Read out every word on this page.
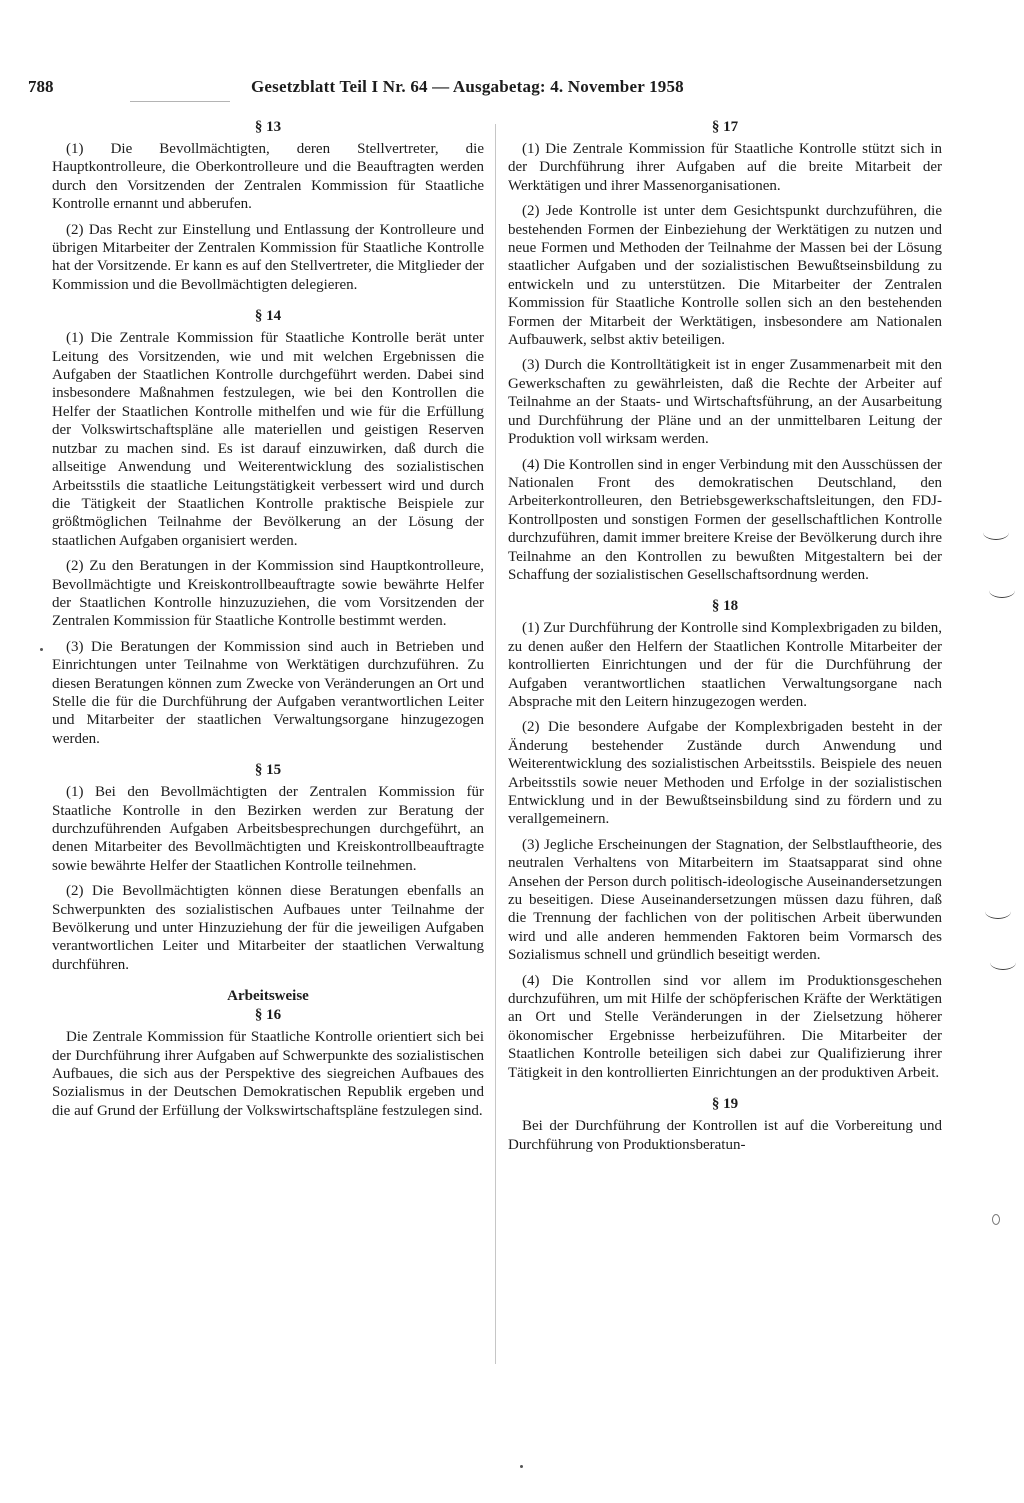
788	Gesetzblatt Teil I Nr. 64 — Ausgabetag: 4. November 1958
§ 13

(1) Die Bevollmächtigten, deren Stellvertreter, die Hauptkontrolleure, die Oberkontrolleure und die Beauftragten werden durch den Vorsitzenden der Zentralen Kommission für Staatliche Kontrolle ernannt und abberufen.

(2) Das Recht zur Einstellung und Entlassung der Kontrolleure und übrigen Mitarbeiter der Zentralen Kommission für Staatliche Kontrolle hat der Vorsitzende. Er kann es auf den Stellvertreter, die Mitglieder der Kommission und die Bevollmächtigten delegieren.

§ 14

(1) Die Zentrale Kommission für Staatliche Kontrolle berät unter Leitung des Vorsitzenden, wie und mit welchen Ergebnissen die Aufgaben der Staatlichen Kontrolle durchgeführt werden. Dabei sind insbesondere Maßnahmen festzulegen, wie bei den Kontrollen die Helfer der Staatlichen Kontrolle mithelfen und wie für die Erfüllung der Volkswirtschaftspläne alle materiellen und geistigen Reserven nutzbar zu machen sind. Es ist darauf einzuwirken, daß durch die allseitige Anwendung und Weiterentwicklung des sozialistischen Arbeitsstils die staatliche Leitungstätigkeit verbessert wird und durch die Tätigkeit der Staatlichen Kontrolle praktische Beispiele zur größtmöglichen Teilnahme der Bevölkerung an der Lösung der staatlichen Aufgaben organisiert werden.

(2) Zu den Beratungen in der Kommission sind Hauptkontrolleure, Bevollmächtigte und Kreiskontrollbeauftragte sowie bewährte Helfer der Staatlichen Kontrolle hinzuzuziehen, die vom Vorsitzenden der Zentralen Kommission für Staatliche Kontrolle bestimmt werden.

(3) Die Beratungen der Kommission sind auch in Betrieben und Einrichtungen unter Teilnahme von Werktätigen durchzuführen. Zu diesen Beratungen können zum Zwecke von Veränderungen an Ort und Stelle die für die Durchführung der Aufgaben verantwortlichen Leiter und Mitarbeiter der staatlichen Verwaltungsorgane hinzugezogen werden.

§ 15

(1) Bei den Bevollmächtigten der Zentralen Kommission für Staatliche Kontrolle in den Bezirken werden zur Beratung der durchzuführenden Aufgaben Arbeitsbesprechungen durchgeführt, an denen Mitarbeiter des Bevollmächtigten und Kreiskontrollbeauftragte sowie bewährte Helfer der Staatlichen Kontrolle teilnehmen.

(2) Die Bevollmächtigten können diese Beratungen ebenfalls an Schwerpunkten des sozialistischen Aufbaues unter Teilnahme der Bevölkerung und unter Hinzuziehung der für die jeweiligen Aufgaben verantwortlichen Leiter und Mitarbeiter der staatlichen Verwaltung durchführen.

Arbeitsweise
§ 16

Die Zentrale Kommission für Staatliche Kontrolle orientiert sich bei der Durchführung ihrer Aufgaben auf Schwerpunkte des sozialistischen Aufbaues, die sich aus der Perspektive des siegreichen Aufbaues des Sozialismus in der Deutschen Demokratischen Republik ergeben und die auf Grund der Erfüllung der Volkswirtschaftspläne festzulegen sind.

§ 17

(1) Die Zentrale Kommission für Staatliche Kontrolle stützt sich in der Durchführung ihrer Aufgaben auf die breite Mitarbeit der Werktätigen und ihrer Massenorganisationen.

(2) Jede Kontrolle ist unter dem Gesichtspunkt durchzuführen, die bestehenden Formen der Einbeziehung der Werktätigen zu nutzen und neue Formen und Methoden der Teilnahme der Massen bei der Lösung staatlicher Aufgaben und der sozialistischen Bewußtseinsbildung zu entwickeln und zu unterstützen. Die Mitarbeiter der Zentralen Kommission für Staatliche Kontrolle sollen sich an den bestehenden Formen der Mitarbeit der Werktätigen, insbesondere am Nationalen Aufbauwerk, selbst aktiv beteiligen.

(3) Durch die Kontrolltätigkeit ist in enger Zusammenarbeit mit den Gewerkschaften zu gewährleisten, daß die Rechte der Arbeiter auf Teilnahme an der Staats- und Wirtschaftsführung, an der Ausarbeitung und Durchführung der Pläne und an der unmittelbaren Leitung der Produktion voll wirksam werden.

(4) Die Kontrollen sind in enger Verbindung mit den Ausschüssen der Nationalen Front des demokratischen Deutschland, den Arbeiterkontrolleuren, den Betriebsgewerkschaftsleitungen, den FDJ-Kontrollposten und sonstigen Formen der gesellschaftlichen Kontrolle durchzuführen, damit immer breitere Kreise der Bevölkerung durch ihre Teilnahme an den Kontrollen zu bewußten Mitgestaltern bei der Schaffung der sozialistischen Gesellschaftsordnung werden.

§ 18

(1) Zur Durchführung der Kontrolle sind Komplexbrigaden zu bilden, zu denen außer den Helfern der Staatlichen Kontrolle Mitarbeiter der kontrollierten Einrichtungen und der für die Durchführung der Aufgaben verantwortlichen staatlichen Verwaltungsorgane nach Absprache mit den Leitern hinzugezogen werden.

(2) Die besondere Aufgabe der Komplexbrigaden besteht in der Änderung bestehender Zustände durch Anwendung und Weiterentwicklung des sozialistischen Arbeitsstils. Beispiele des neuen Arbeitsstils sowie neuer Methoden und Erfolge in der sozialistischen Entwicklung und in der Bewußtseinsbildung sind zu fördern und zu verallgemeinern.

(3) Jegliche Erscheinungen der Stagnation, der Selbstlauftheorie, des neutralen Verhaltens von Mitarbeitern im Staatsapparat sind ohne Ansehen der Person durch politisch-ideologische Auseinandersetzungen zu beseitigen. Diese Auseinandersetzungen müssen dazu führen, daß die Trennung der fachlichen von der politischen Arbeit überwunden wird und alle anderen hemmenden Faktoren beim Vormarsch des Sozialismus schnell und gründlich beseitigt werden.

(4) Die Kontrollen sind vor allem im Produktionsgeschehen durchzuführen, um mit Hilfe der schöpferischen Kräfte der Werktätigen an Ort und Stelle Veränderungen in der Zielsetzung höherer ökonomischer Ergebnisse herbeizuführen. Die Mitarbeiter der Staatlichen Kontrolle beteiligen sich dabei zur Qualifizierung ihrer Tätigkeit in den kontrollierten Einrichtungen an der produktiven Arbeit.

§ 19

Bei der Durchführung der Kontrollen ist auf die Vorbereitung und Durchführung von Produktionsberatun-
